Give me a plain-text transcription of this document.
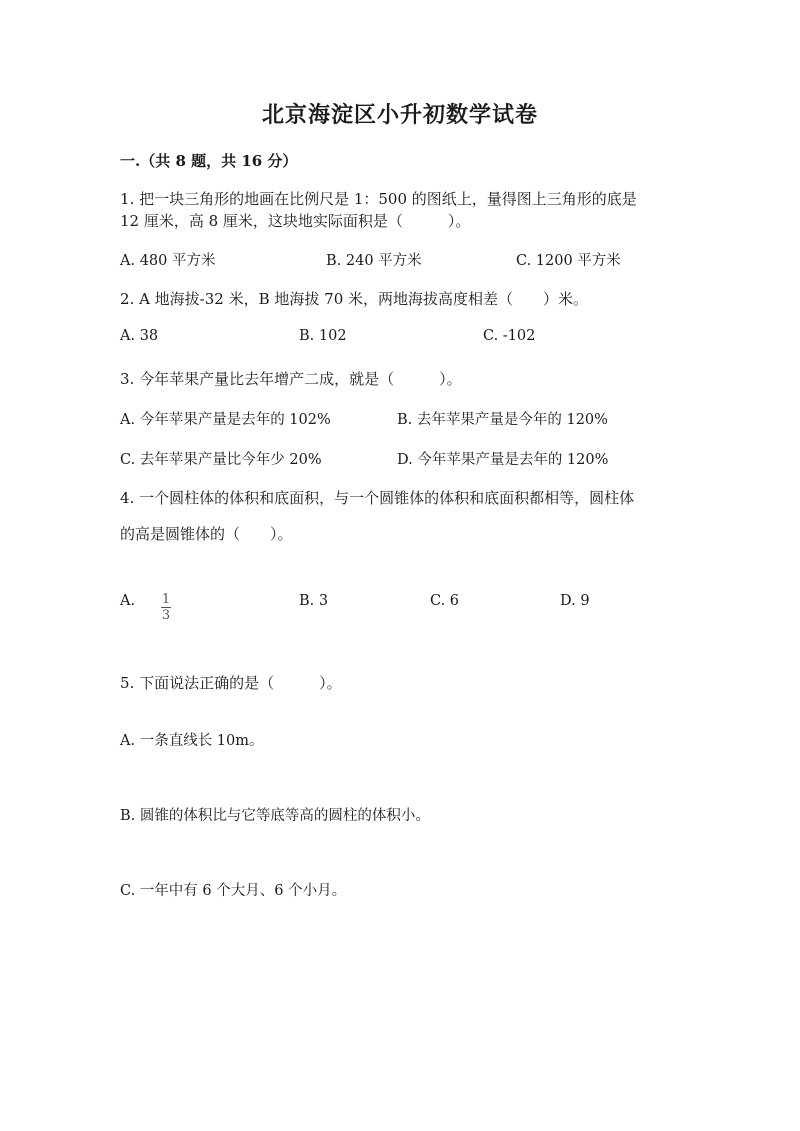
北京海淀区小升初数学试卷
一.（共 8 题，共 16 分）
1. 把一块三角形的地画在比例尺是 1：500 的图纸上，量得图上三角形的底是
12 厘米，高 8 厘米，这块地实际面积是（　　　）。
A. 480 平方米	B. 240 平方米	C. 1200 平方米
2. A 地海拔-32 米，B 地海拔 70 米，两地海拔高度相差（　　）米。
A. 38	B. 102	C. -102
3. 今年苹果产量比去年增产二成，就是（　　　）。
A. 今年苹果产量是去年的 102%	B. 去年苹果产量是今年的 120%
C. 去年苹果产量比今年少 20%	D. 今年苹果产量是去年的 120%
4. 一个圆柱体的体积和底面积，与一个圆锥体的体积和底面积都相等，圆柱体
的高是圆锥体的（　　）。
A. $\frac{1}{3}$	B. 3	C. 6	D. 9
5. 下面说法正确的是（　　　）。
A. 一条直线长 10m。
B. 圆锥的体积比与它等底等高的圆柱的体积小。
C. 一年中有 6 个大月、6 个小月。
